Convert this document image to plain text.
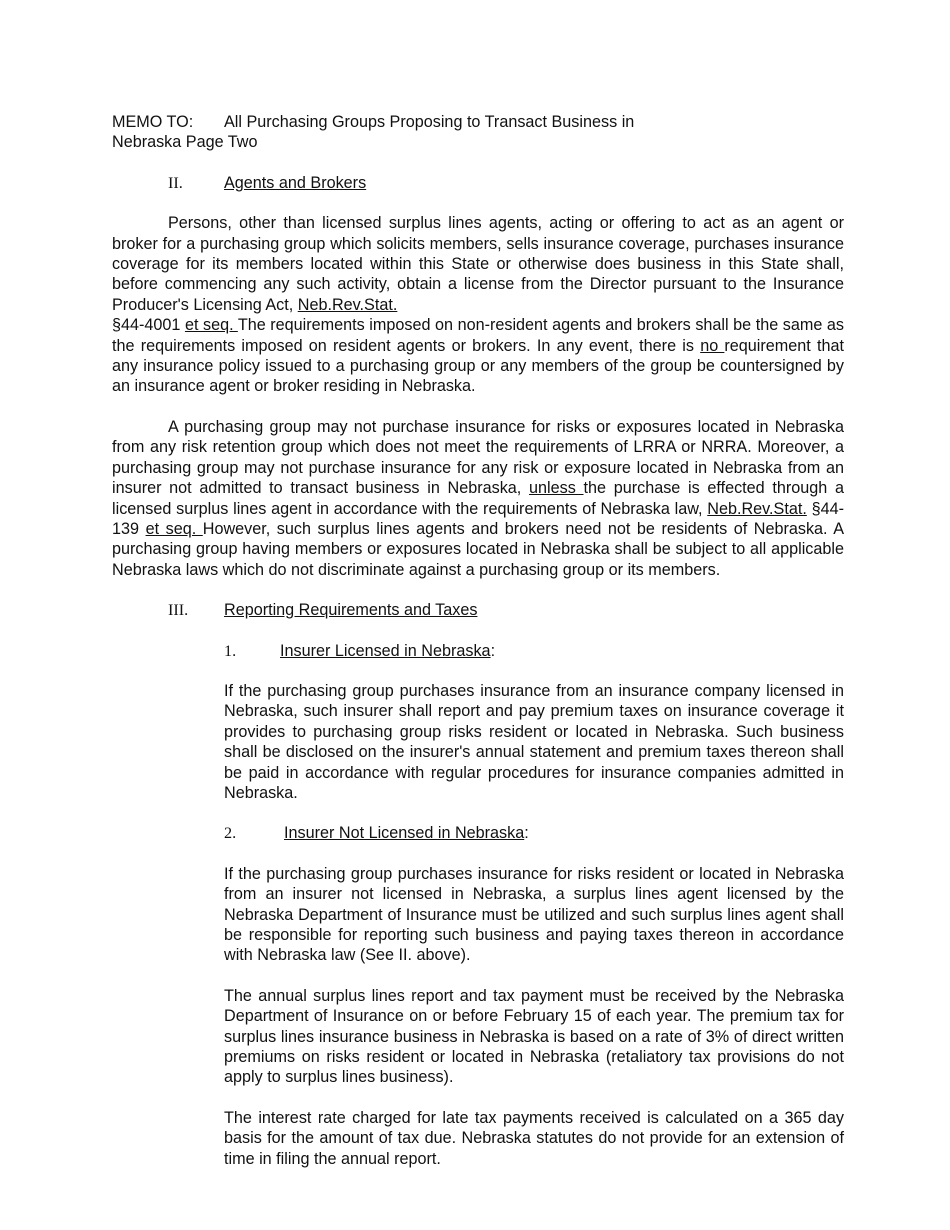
MEMO TO: All Purchasing Groups Proposing to Transact Business in
Nebraska Page Two
II.	Agents and Brokers

Persons, other than licensed surplus lines agents, acting or offering to act as an agent or broker for a purchasing group which solicits members, sells insurance coverage, purchases insurance coverage for its members located within this State or otherwise does business in this State shall, before commencing any such activity, obtain a license from the Director pursuant to the Insurance Producer's Licensing Act, Neb.Rev.Stat.
§44-4001 et seq. The requirements imposed on non-resident agents and brokers shall be the same as the requirements imposed on resident agents or brokers. In any event, there is no requirement that any insurance policy issued to a purchasing group or any members of the group be countersigned by an insurance agent or broker residing in Nebraska.

A purchasing group may not purchase insurance for risks or exposures located in Nebraska from any risk retention group which does not meet the requirements of LRRA or NRRA. Moreover, a purchasing group may not purchase insurance for any risk or exposure located in Nebraska from an insurer not admitted to transact business in Nebraska, unless the purchase is effected through a licensed surplus lines agent in accordance with the requirements of Nebraska law, Neb.Rev.Stat. §44-139 et seq. However, such surplus lines agents and brokers need not be residents of Nebraska. A purchasing group having members or exposures located in Nebraska shall be subject to all applicable Nebraska laws which do not discriminate against a purchasing group or its members.

III. Reporting Requirements and Taxes
1.	Insurer Licensed in Nebraska:

If the purchasing group purchases insurance from an insurance company licensed in Nebraska, such insurer shall report and pay premium taxes on insurance coverage it provides to purchasing group risks resident or located in Nebraska. Such business shall be disclosed on the insurer's annual statement and premium taxes thereon shall be paid in accordance with regular procedures for insurance companies admitted in Nebraska.

2.	Insurer Not Licensed in Nebraska:

If the purchasing group purchases insurance for risks resident or located in Nebraska from an insurer not licensed in Nebraska, a surplus lines agent licensed by the Nebraska Department of Insurance must be utilized and such surplus lines agent shall be responsible for reporting such business and paying taxes thereon in accordance with Nebraska law (See II. above).

The annual surplus lines report and tax payment must be received by the Nebraska Department of Insurance on or before February 15 of each year. The premium tax for surplus lines insurance business in Nebraska is based on a rate of 3% of direct written premiums on risks resident or located in Nebraska (retaliatory tax provisions do not apply to surplus lines business).

The interest rate charged for late tax payments received is calculated on a 365 day basis for the amount of tax due. Nebraska statutes do not provide for an extension of time in filing the annual report.
